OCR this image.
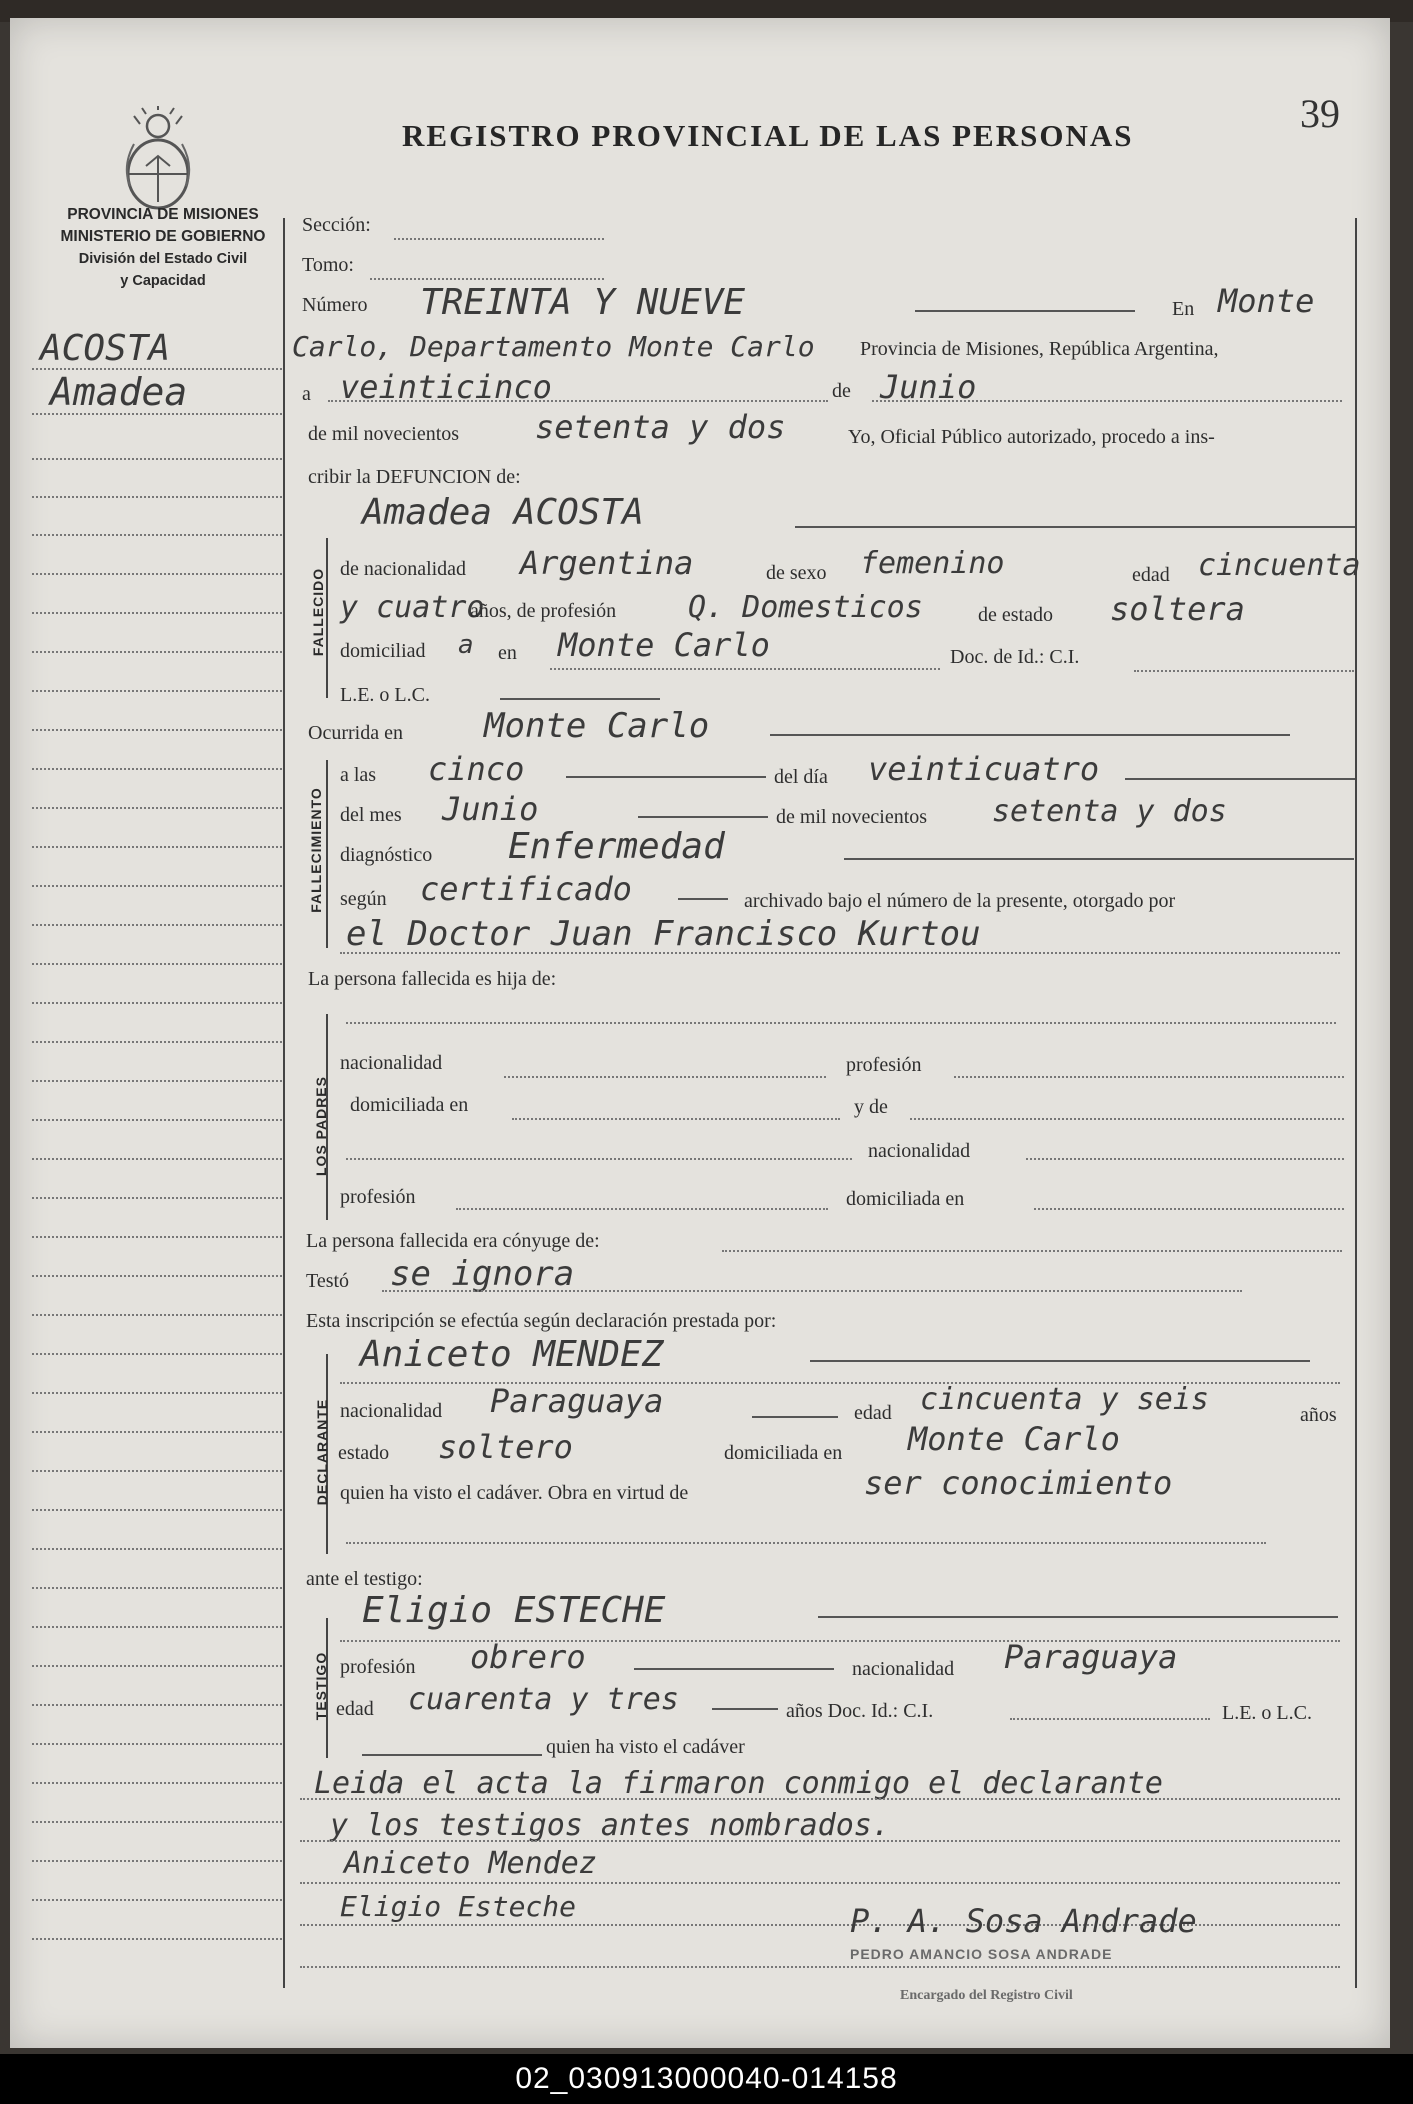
39
REGISTRO PROVINCIAL DE LAS PERSONAS
PROVINCIA DE MISIONES
MINISTERIO DE GOBIERNO
División del Estado Civil
y Capacidad
ACOSTA
Amadea
Sección:
Tomo:
Número TREINTA Y NUEVE	En Monte
Carlo, Departamento Monte Carlo Provincia de Misiones, República Argentina,
a veinticinco	de Junio
de mil novecientos setenta y dos	Yo, Oficial Público autorizado, procedo a ins-
cribir la DEFUNCION de:
FALLECIDO
Amadea ACOSTA
de nacionalidad Argentina	de sexo femenino	edad cincuenta
y cuatro
años, de profesión Q. Domesticos	de estado soltera
domiciliad a en Monte Carlo	Doc. de Id.: C.I.
L.E. o L.C.
Ocurrida en Monte Carlo
FALLECIMIENTO
a las cinco	del día veinticuatro
del mes Junio	de mil novecientos setenta y dos
diagnóstico Enfermedad
según certificado	archivado bajo el número de la presente, otorgado por
el Doctor Juan Francisco Kurtou
La persona fallecida es hija de:
LOS PADRES
nacionalidad	profesión
domiciliada en	y de
nacionalidad
profesión	domiciliada en
La persona fallecida era cónyuge de:
Testó se ignora
Esta inscripción se efectúa según declaración prestada por:
DECLARANTE
Aniceto MENDEZ
nacionalidad Paraguaya	edad cincuenta y seis	años
estado soltero	domiciliada en Monte Carlo
quien ha visto el cadáver. Obra en virtud de	ser conocimiento
ante el testigo:
TESTIGO
Eligio ESTECHE
profesión obrero	nacionalidad Paraguaya
edad cuarenta y tres	años Doc. Id.: C.I.	L.E. o L.C.
quien ha visto el cadáver
Leida el acta la firmaron conmigo el declarante
y los testigos antes nombrados.
Aniceto Mendez
Eligio Esteche	P. A. Sosa Andrade
PEDRO AMANCIO SOSA ANDRADE
Encargado del Registro Civil
02_030913000040-014158
